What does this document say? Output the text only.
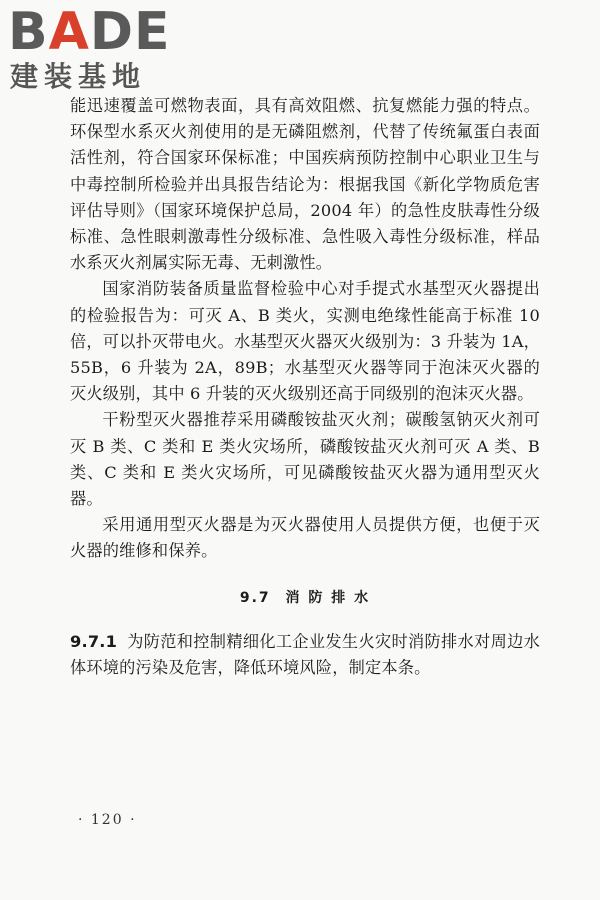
BADE
建装基地

能迅速覆盖可燃物表面，具有高效阻燃、抗复燃能力强的特点。环保型水系灭火剂使用的是无磷阻燃剂，代替了传统氟蛋白表面活性剂，符合国家环保标准；中国疾病预防控制中心职业卫生与中毒控制所检验并出具报告结论为：根据我国《新化学物质危害评估导则》（国家环境保护总局，2004 年）的急性皮肤毒性分级标准、急性眼刺激毒性分级标准、急性吸入毒性分级标准，样品水系灭火剂属实际无毒、无刺激性。

国家消防装备质量监督检验中心对手提式水基型灭火器提出的检验报告为：可灭 A、B 类火，实测电绝缘性能高于标准 10 倍，可以扑灭带电火。水基型灭火器灭火级别为：3 升装为 1A，55B，6 升装为 2A，89B；水基型灭火器等同于泡沫灭火器的灭火级别，其中 6 升装的灭火级别还高于同级别的泡沫灭火器。

干粉型灭火器推荐采用磷酸铵盐灭火剂；碳酸氢钠灭火剂可灭 B 类、C 类和 E 类火灾场所，磷酸铵盐灭火剂可灭 A 类、B 类、C 类和 E 类火灾场所，可见磷酸铵盐灭火器为通用型灭火器。

采用通用型灭火器是为灭火器使用人员提供方便，也便于灭火器的维修和保养。

9.7 消 防 排 水

9.7.1 为防范和控制精细化工企业发生火灾时消防排水对周边水体环境的污染及危害，降低环境风险，制定本条。

· 120 ·
